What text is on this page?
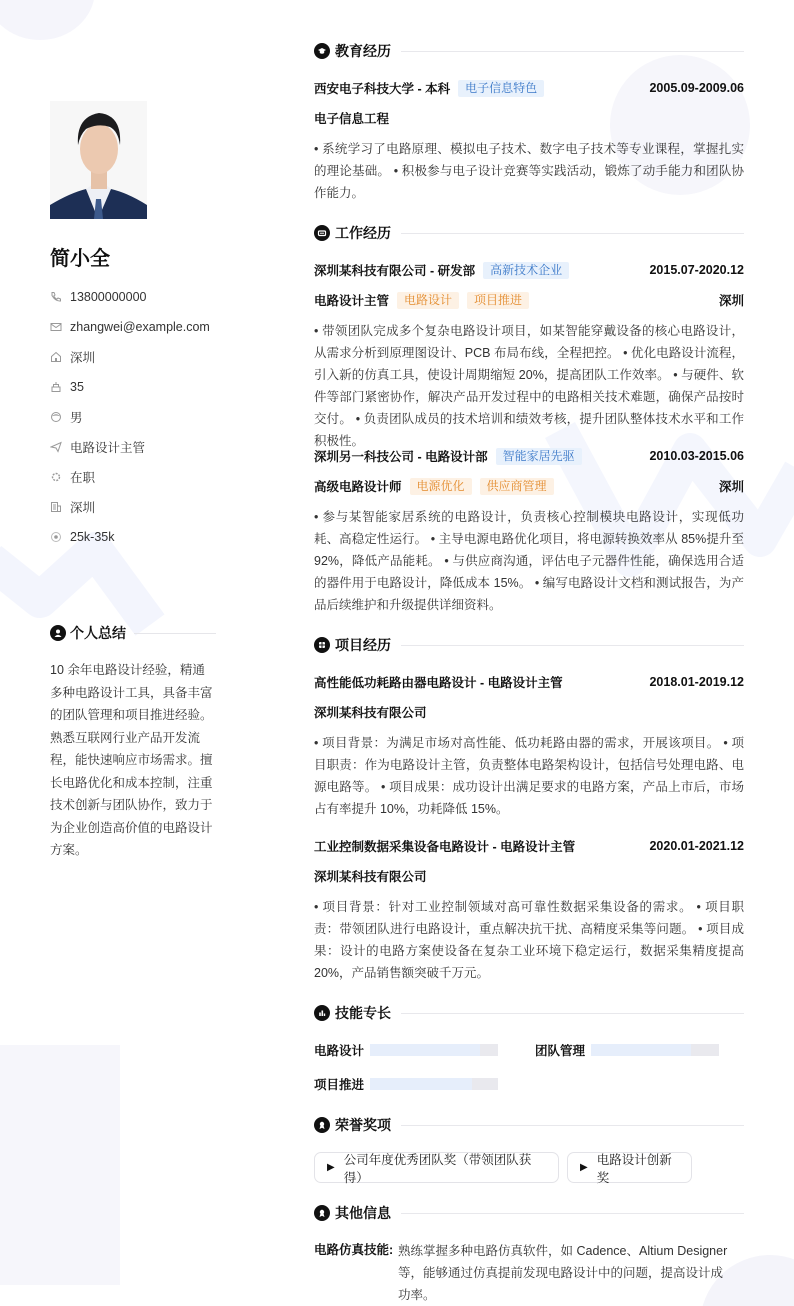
简小全
13800000000
zhangwei@example.com
深圳
35
男
电路设计主管
在职
深圳
25k-35k
个人总结
10 余年电路设计经验，精通多种电路设计工具，具备丰富的团队管理和项目推进经验。熟悉互联网行业产品开发流程，能快速响应市场需求。擅长电路优化和成本控制，注重技术创新与团队协作，致力于为企业创造高价值的电路设计方案。
教育经历
西安电子科技大学 - 本科	电子信息特色	2005.09-2009.06
电子信息工程
• 系统学习了电路原理、模拟电子技术、数字电子技术等专业课程，掌握扎实的理论基础。 • 积极参与电子设计竞赛等实践活动，锻炼了动手能力和团队协作能力。
工作经历
深圳某科技有限公司 - 研发部	高新技术企业	2015.07-2020.12
电路设计主管	电路设计	项目推进	深圳
• 带领团队完成多个复杂电路设计项目，如某智能穿戴设备的核心电路设计，从需求分析到原理图设计、PCB 布局布线，全程把控。 • 优化电路设计流程，引入新的仿真工具，使设计周期缩短 20%，提高团队工作效率。 • 与硬件、软件等部门紧密协作，解决产品开发过程中的电路相关技术难题，确保产品按时交付。 • 负责团队成员的技术培训和绩效考核，提升团队整体技术水平和工作积极性。
深圳另一科技公司 - 电路设计部	智能家居先驱	2010.03-2015.06
高级电路设计师	电源优化	供应商管理	深圳
• 参与某智能家居系统的电路设计，负责核心控制模块电路设计，实现低功耗、高稳定性运行。 • 主导电源电路优化项目，将电源转换效率从 85%提升至 92%，降低产品能耗。 • 与供应商沟通，评估电子元器件性能，确保选用合适的器件用于电路设计，降低成本 15%。 • 编写电路设计文档和测试报告，为产品后续维护和升级提供详细资料。
项目经历
高性能低功耗路由器电路设计 - 电路设计主管	2018.01-2019.12
深圳某科技有限公司
• 项目背景：为满足市场对高性能、低功耗路由器的需求，开展该项目。 • 项目职责：作为电路设计主管，负责整体电路架构设计，包括信号处理电路、电源电路等。 • 项目成果：成功设计出满足要求的电路方案，产品上市后，市场占有率提升 10%，功耗降低 15%。
工业控制数据采集设备电路设计 - 电路设计主管	2020.01-2021.12
深圳某科技有限公司
• 项目背景：针对工业控制领域对高可靠性数据采集设备的需求。 • 项目职责：带领团队进行电路设计，重点解决抗干扰、高精度采集等问题。 • 项目成果：设计的电路方案使设备在复杂工业环境下稳定运行，数据采集精度提高 20%，产品销售额突破千万元。
技能专长
电路设计	团队管理
项目推进
荣誉奖项
▶
公司年度优秀团队奖（带领团队获得）
▶
电路设计创新奖
其他信息
电路仿真技能: 熟练掌握多种电路仿真软件，如 Cadence、Altium Designer 等，能够通过仿真提前发现电路设计中的问题，提高设计成功率。
